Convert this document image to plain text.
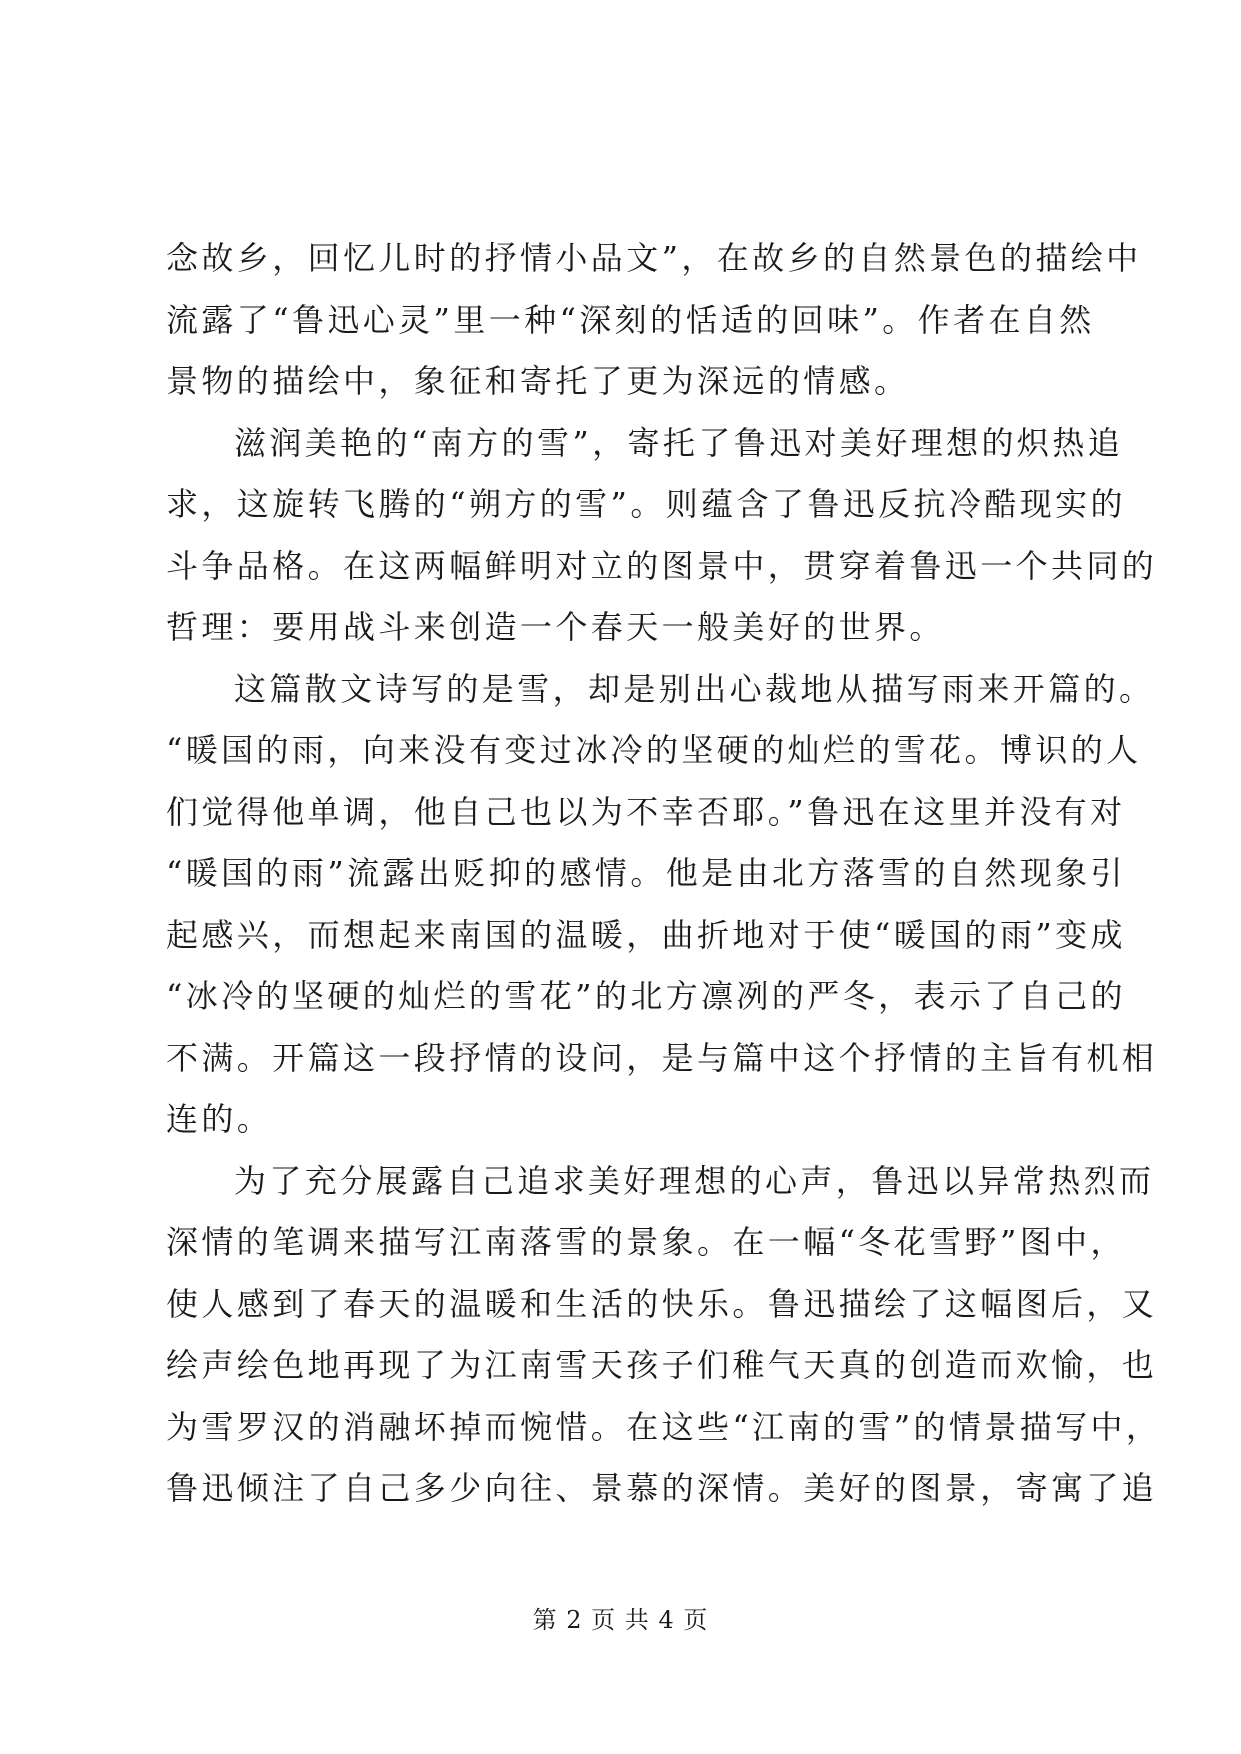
念故乡，回忆儿时的抒情小品文”，在故乡的自然景色的描绘中
流露了“鲁迅心灵”里一种“深刻的恬适的回味”。作者在自然
景物的描绘中，象征和寄托了更为深远的情感。
滋润美艳的“南方的雪”，寄托了鲁迅对美好理想的炽热追
求，这旋转飞腾的“朔方的雪”。则蕴含了鲁迅反抗冷酷现实的
斗争品格。在这两幅鲜明对立的图景中，贯穿着鲁迅一个共同的
哲理：要用战斗来创造一个春天一般美好的世界。
这篇散文诗写的是雪，却是别出心裁地从描写雨来开篇的。
“暖国的雨，向来没有变过冰冷的坚硬的灿烂的雪花。博识的人
们觉得他单调，他自己也以为不幸否耶。”鲁迅在这里并没有对
“暖国的雨”流露出贬抑的感情。他是由北方落雪的自然现象引
起感兴，而想起来南国的温暖，曲折地对于使“暖国的雨”变成
“冰冷的坚硬的灿烂的雪花”的北方凛冽的严冬，表示了自己的
不满。开篇这一段抒情的设问，是与篇中这个抒情的主旨有机相
连的。
为了充分展露自己追求美好理想的心声，鲁迅以异常热烈而
深情的笔调来描写江南落雪的景象。在一幅“冬花雪野”图中，
使人感到了春天的温暖和生活的快乐。鲁迅描绘了这幅图后，又
绘声绘色地再现了为江南雪天孩子们稚气天真的创造而欢愉，也
为雪罗汉的消融坏掉而惋惜。在这些“江南的雪”的情景描写中，
鲁迅倾注了自己多少向往、景慕的深情。美好的图景，寄寓了追
第 2 页 共 4 页
